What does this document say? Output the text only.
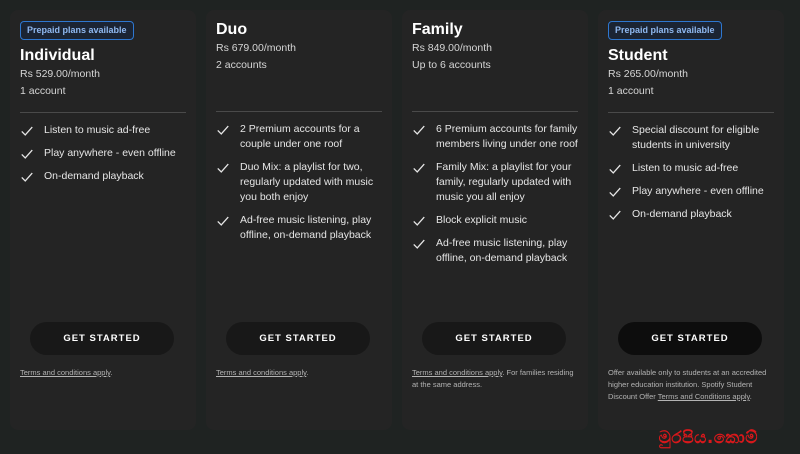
Prepaid plans available
Individual
Rs 529.00/month
1 account
Listen to music ad-free
Play anywhere - even offline
On-demand playback
GET STARTED
Terms and conditions apply.
Duo
Rs 679.00/month
2 accounts
2 Premium accounts for a couple under one roof
Duo Mix: a playlist for two, regularly updated with music you both enjoy
Ad-free music listening, play offline, on-demand playback
GET STARTED
Terms and conditions apply.
Family
Rs 849.00/month
Up to 6 accounts
6 Premium accounts for family members living under one roof
Family Mix: a playlist for your family, regularly updated with music you all enjoy
Block explicit music
Ad-free music listening, play offline, on-demand playback
GET STARTED
Terms and conditions apply. For families residing at the same address.
Prepaid plans available
Student
Rs 265.00/month
1 account
Special discount for eligible students in university
Listen to music ad-free
Play anywhere - even offline
On-demand playback
GET STARTED
Offer available only to students at an accredited higher education institution. Spotify Student Discount Offer Terms and Conditions apply.
මුරපිය.කොම්
